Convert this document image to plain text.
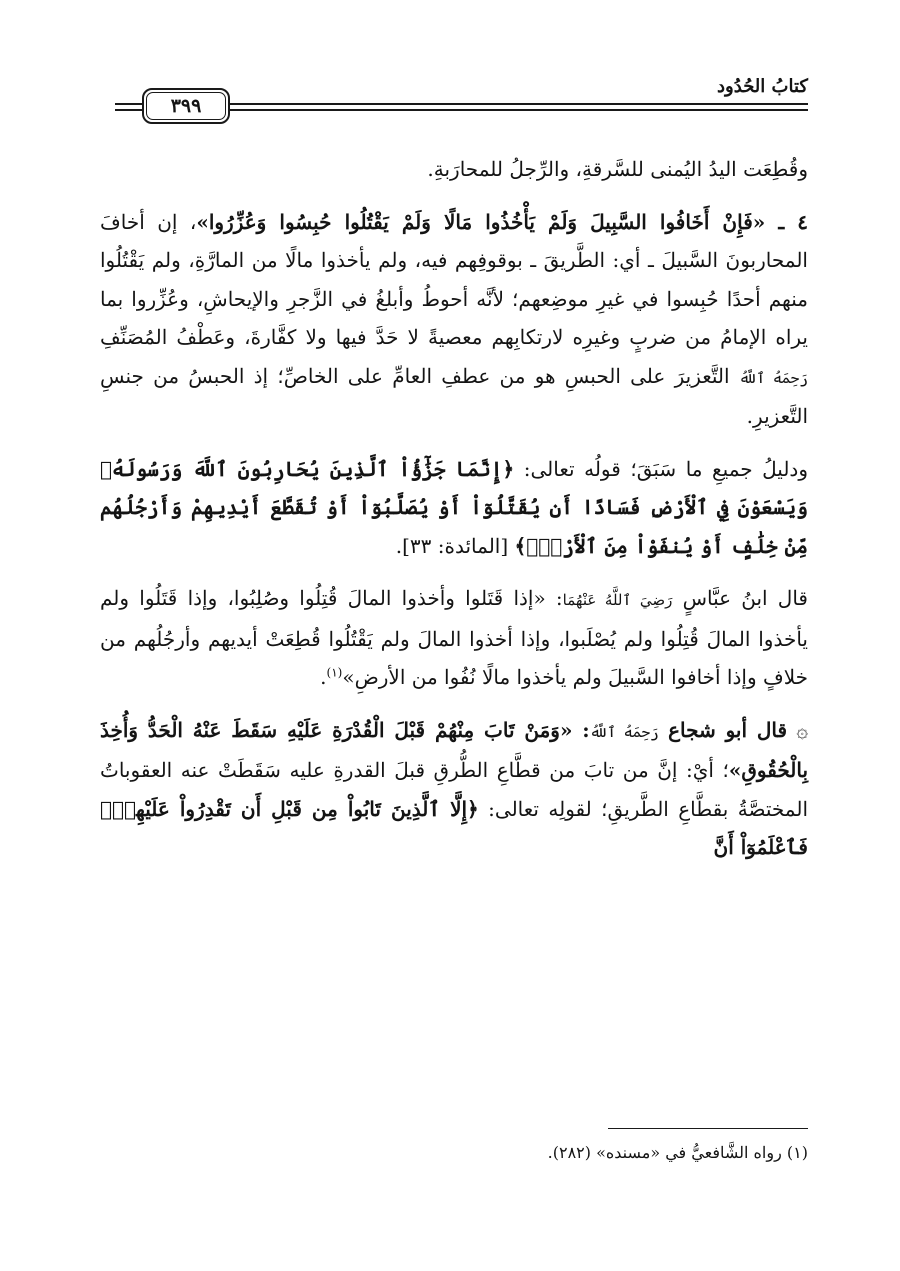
كتابُ الحُدُود
٣٩٩

وقُطِعَت اليدُ اليُمنى للسَّرقةِ، والرِّجلُ للمحارَبةِ.

٤ ـ «فَإِنْ أَخَافُوا السَّبِيلَ وَلَمْ يَأْخُذُوا مَالًا وَلَمْ يَقْتُلُوا حُبِسُوا وَعُزِّرُوا»، إن أخافَ المحاربونَ السَّبيلَ ـ أي: الطَّريقَ ـ بوقوفِهم فيه، ولم يأخذوا مالًا من المارَّةِ، ولم يَقْتُلُوا منهم أحدًا حُبِسوا في غيرِ موضِعهم؛ لأنَّه أحوطُ وأبلغُ في الزَّجرِ والإيحاشِ، وعُزِّروا بما يراه الإمامُ من ضربٍ وغيرِه لارتكابِهم معصيةً لا حَدَّ فيها ولا كفَّارةَ، وعَطْفُ المُصَنِّفِ رَحِمَهُ ٱللَّهُ التَّعزيرَ على الحبسِ هو من عطفِ العامِّ على الخاصِّ؛ إذ الحبسُ من جنسِ التَّعزيرِ.

ودليلُ جميعِ ما سَبَقَ؛ قولُه تعالى: ﴿إِنَّمَا جَزَٰٓؤُاْ ٱلَّذِينَ يُحَارِبُونَ ٱللَّهَ وَرَسُولَهُۥ وَيَسْعَوْنَ فِي ٱلْأَرْضِ فَسَادًا أَن يُقَتَّلُوٓاْ أَوْ يُصَلَّبُوٓاْ أَوْ تُقَطَّعَ أَيْدِيهِمْ وَأَرْجُلُهُم مِّنْ خِلَٰفٍ أَوْ يُنفَوْاْ مِنَ ٱلْأَرْضِۚ﴾ [المائدة: ٣٣].

قال ابنُ عبَّاسٍ رَضِيَ ٱللَّهُ عَنْهُمَا: «إذا قَتَلوا وأخذوا المالَ قُتِلُوا وصُلِبُوا، وإذا قَتَلُوا ولم يأخذوا المالَ قُتِلُوا ولم يُصْلَبوا، وإذا أخذوا المالَ ولم يَقْتُلُوا قُطِعَتْ أيديهم وأرجُلُهم من خلافٍ وإذا أخافوا السَّبيلَ ولم يأخذوا مالًا نُفُوا من الأرضِ»$^{(١)}$.

۞ قال أبو شجاع رَحِمَهُ ٱللَّهُ: «وَمَنْ تَابَ مِنْهُمْ قَبْلَ الْقُدْرَةِ عَلَيْهِ سَقَطَ عَنْهُ الْحَدُّ وَأُخِذَ بِالْحُقُوقِ»؛ أيْ: إنَّ من تابَ من قطَّاعِ الطُّرقِ قبلَ القدرةِ عليه سَقَطَتْ عنه العقوباتُ المختصَّةُ بقطَّاعِ الطَّريقِ؛ لقولِه تعالى: ﴿إِلَّا ٱلَّذِينَ تَابُواْ مِن قَبْلِ أَن تَقْدِرُواْ عَلَيْهِمْۖ فَٱعْلَمُوٓاْ أَنَّ

(١) رواه الشَّافعيُّ في «مسنده» (٢٨٢).
